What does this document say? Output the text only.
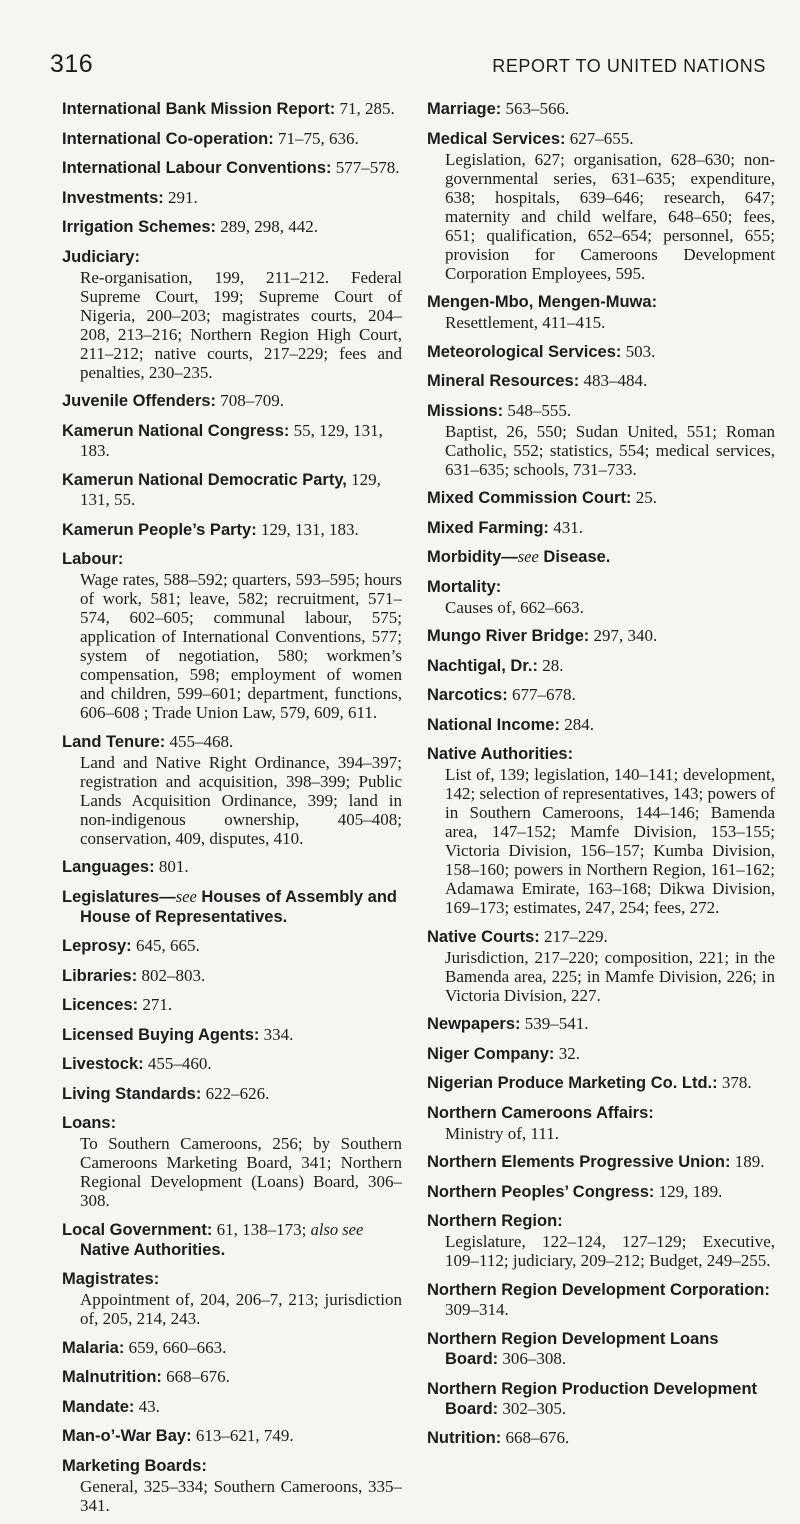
316	REPORT TO UNITED NATIONS
International Bank Mission Report: 71, 285.
International Co-operation: 71–75, 636.
International Labour Conventions: 577–578.
Investments: 291.
Irrigation Schemes: 289, 298, 442.
Judiciary:
Re-organisation, 199, 211–212. Federal Supreme Court, 199; Supreme Court of Nigeria, 200–203; magistrates courts, 204–208, 213–216; Northern Region High Court, 211–212; native courts, 217–229; fees and penalties, 230–235.
Juvenile Offenders: 708–709.
Kamerun National Congress: 55, 129, 131, 183.
Kamerun National Democratic Party, 129, 131, 55.
Kamerun People’s Party: 129, 131, 183.
Labour:
Wage rates, 588–592; quarters, 593–595; hours of work, 581; leave, 582; recruitment, 571–574, 602–605; communal labour, 575; application of International Conventions, 577; system of negotiation, 580; workmen’s compensation, 598; employment of women and children, 599–601; department, functions, 606–608 ; Trade Union Law, 579, 609, 611.
Land Tenure: 455–468.
Land and Native Right Ordinance, 394–397; registration and acquisition, 398–399; Public Lands Acquisition Ordinance, 399; land in non-indigenous ownership, 405–408; conservation, 409, disputes, 410.
Languages: 801.
Legislatures—see Houses of Assembly and House of Representatives.
Leprosy: 645, 665.
Libraries: 802–803.
Licences: 271.
Licensed Buying Agents: 334.
Livestock: 455–460.
Living Standards: 622–626.
Loans:
To Southern Cameroons, 256; by Southern Cameroons Marketing Board, 341; Northern Regional Development (Loans) Board, 306–308.
Local Government: 61, 138–173; also see Native Authorities.
Magistrates:
Appointment of, 204, 206–7, 213; jurisdiction of, 205, 214, 243.
Malaria: 659, 660–663.
Malnutrition: 668–676.
Mandate: 43.
Man-o’-War Bay: 613–621, 749.
Marketing Boards:
General, 325–334; Southern Cameroons, 335–341.
Marriage: 563–566.
Medical Services: 627–655.
Legislation, 627; organisation, 628–630; non-governmental series, 631–635; expenditure, 638; hospitals, 639–646; research, 647; maternity and child welfare, 648–650; fees, 651; qualification, 652–654; personnel, 655; provision for Cameroons Development Corporation Employees, 595.
Mengen-Mbo, Mengen-Muwa:
Resettlement, 411–415.
Meteorological Services: 503.
Mineral Resources: 483–484.
Missions: 548–555.
Baptist, 26, 550; Sudan United, 551; Roman Catholic, 552; statistics, 554; medical services, 631–635; schools, 731–733.
Mixed Commission Court: 25.
Mixed Farming: 431.
Morbidity—see Disease.
Mortality:
Causes of, 662–663.
Mungo River Bridge: 297, 340.
Nachtigal, Dr.: 28.
Narcotics: 677–678.
National Income: 284.
Native Authorities:
List of, 139; legislation, 140–141; development, 142; selection of representatives, 143; powers of in Southern Cameroons, 144–146; Bamenda area, 147–152; Mamfe Division, 153–155; Victoria Division, 156–157; Kumba Division, 158–160; powers in Northern Region, 161–162; Adamawa Emirate, 163–168; Dikwa Division, 169–173; estimates, 247, 254; fees, 272.
Native Courts: 217–229.
Jurisdiction, 217–220; composition, 221; in the Bamenda area, 225; in Mamfe Division, 226; in Victoria Division, 227.
Newpapers: 539–541.
Niger Company: 32.
Nigerian Produce Marketing Co. Ltd.: 378.
Northern Cameroons Affairs:
Ministry of, 111.
Northern Elements Progressive Union: 189.
Northern Peoples’ Congress: 129, 189.
Northern Region:
Legislature, 122–124, 127–129; Executive, 109–112; judiciary, 209–212; Budget, 249–255.
Northern Region Development Corporation: 309–314.
Northern Region Development Loans Board: 306–308.
Northern Region Production Development Board: 302–305.
Nutrition: 668–676.
